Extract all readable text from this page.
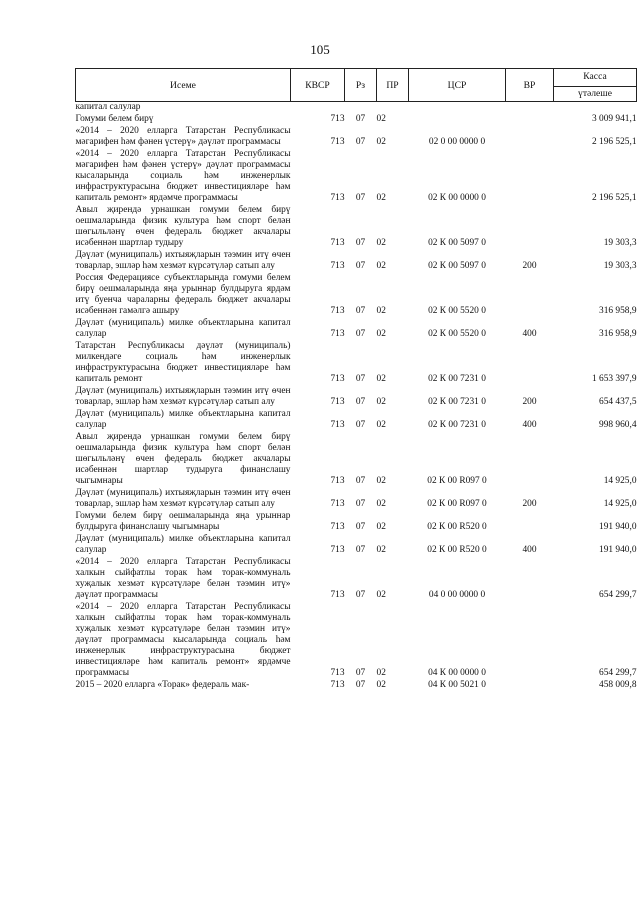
105
Исеме	КВСР	Рз	ПР	ЦСР	ВР	Касса
үтәлеше

капитал салулар						
Гомуми белем бирү	713	07	02			3 009 941,1
«2014 – 2020 елларга Татарстан Республикасы мәгарифен һәм фәнен үстерү» дәүләт программасы	713	07	02	02 0 00 0000 0		2 196 525,1
«2014 – 2020 елларга Татарстан Республикасы мәгарифен һәм фәнен үстерү» дәүләт программасы кысаларында социаль һәм инженерлык инфраструктурасына бюджет инвестицияләре һәм капиталь ремонт» ярдәмче программасы	713	07	02	02 К 00 0000 0		2 196 525,1
Авыл җирендә урнашкан гомуми белем бирү оешмаларында физик культура һәм спорт белән шөгыльләнү өчен федераль бюджет акчалары исәбеннән шартлар тудыру	713	07	02	02 К 00 5097 0		19 303,3
Дәүләт (муниципаль) ихтыяҗларын тәэмин итү өчен товарлар, эшләр һәм хезмәт күрсәтүләр сатып алу	713	07	02	02 К 00 5097 0	200	19 303,3
Россия Федерациясе субъектларында гомуми белем бирү оешмаларында яңа урыннар булдыруга ярдәм итү буенча чараларны федераль бюджет акчалары исәбеннән гамәлгә ашыру	713	07	02	02 К 00 5520 0		316 958,9
Дәүләт (муниципаль) милке объектларына капитал салулар	713	07	02	02 К 00 5520 0	400	316 958,9
Татарстан Республикасы дәүләт (муниципаль) милкендәге социаль һәм инженерлык инфраструктурасына бюджет инвестицияләре һәм капиталь ремонт	713	07	02	02 К 00 7231 0		1 653 397,9
Дәүләт (муниципаль) ихтыяҗларын тәэмин итү өчен товарлар, эшләр һәм хезмәт күрсәтүләр сатып алу	713	07	02	02 К 00 7231 0	200	654 437,5
Дәүләт (муниципаль) милке объектларына капитал салулар	713	07	02	02 К 00 7231 0	400	998 960,4
Авыл җирендә урнашкан гомуми белем бирү оешмаларында физик культура һәм спорт белән шөгыльләнү өчен федераль бюджет акчалары исәбеннән шартлар тудыруга финанслашу чыгымнары	713	07	02	02 К 00 R097 0		14 925,0
Дәүләт (муниципаль) ихтыяҗларын тәэмин итү өчен товарлар, эшләр һәм хезмәт күрсәтүләр сатып алу	713	07	02	02 К 00 R097 0	200	14 925,0
Гомуми белем бирү оешмаларында яңа урыннар булдыруга финанслашу чыгымнары	713	07	02	02 К 00 R520 0		191 940,0
Дәүләт (муниципаль) милке объектларына капитал салулар	713	07	02	02 К 00 R520 0	400	191 940,0
«2014 – 2020 елларга Татарстан Республикасы халкын сыйфатлы торак һәм торак-коммуналь хуҗалык хезмәт күрсәтүләре белән тәэмин итү» дәүләт программасы	713	07	02	04 0 00 0000 0		654 299,7
«2014 – 2020 елларга Татарстан Республикасы халкын сыйфатлы торак һәм торак-коммуналь хуҗалык хезмәт күрсәтүләре белән тәэмин итү» дәүләт программасы кысаларында социаль һәм инженерлык инфраструктурасына бюджет инвестицияләре һәм капиталь ремонт» ярдәмче программасы	713	07	02	04 К 00 0000 0		654 299,7
2015 – 2020 елларга «Торак» федераль мак-	713	07	02	04 К 00 5021 0		458 009,8
